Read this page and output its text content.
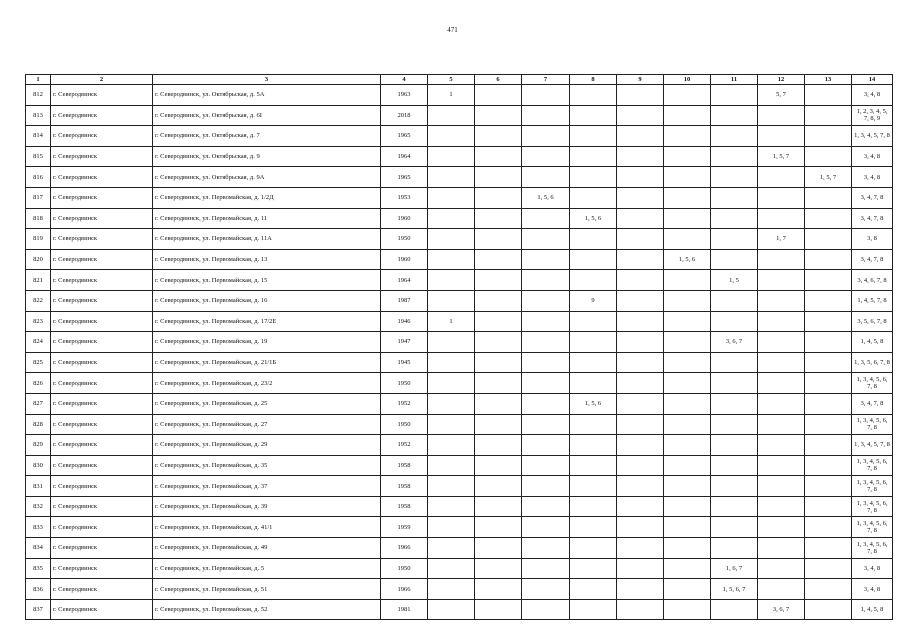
471
1	2	3	4	5	6	7	8	9	10	11	12	13	14
812	г. Северодвинск	г. Северодвинск, ул. Октябрьская, д. 5А	1963	1							5, 7		3, 4, 8
813	г. Северодвинск	г. Северодвинск, ул. Октябрьская, д. 6І	2018										1, 2, 3, 4, 5, 7, 8, 9
814	г. Северодвинск	г. Северодвинск, ул. Октябрьская, д. 7	1965										1, 3, 4, 5, 7, 8
815	г. Северодвинск	г. Северодвинск, ул. Октябрьская, д. 9	1964								1, 5, 7		3, 4, 8
816	г. Северодвинск	г. Северодвинск, ул. Октябрьская, д. 9А	1965									1, 5, 7	3, 4, 8
817	г. Северодвинск	г. Северодвинск, ул. Первомайская, д. 1/2Д	1953			1, 5, 6							3, 4, 7, 8
818	г. Северодвинск	г. Северодвинск, ул. Первомайская, д. 11	1960				1, 5, 6						3, 4, 7, 8
819	г. Северодвинск	г. Северодвинск, ул. Первомайская, д. 11А	1950								1, 7		3, 8
820	г. Северодвинск	г. Северодвинск, ул. Первомайская, д. 13	1960						1, 5, 6				3, 4, 7, 8
821	г. Северодвинск	г. Северодвинск, ул. Первомайская, д. 15	1964							1, 5			3, 4, 6, 7, 8
822	г. Северодвинск	г. Северодвинск, ул. Первомайская, д. 16	1987				9						1, 4, 5, 7, 8
823	г. Северодвинск	г. Северодвинск, ул. Первомайская, д. 17/2Е	1946	1									3, 5, 6, 7, 8
824	г. Северодвинск	г. Северодвинск, ул. Первомайская, д. 19	1947							3, 6, 7			1, 4, 5, 8
825	г. Северодвинск	г. Северодвинск, ул. Первомайская, д. 21/1Б	1945										1, 3, 5, 6, 7, 8
826	г. Северодвинск	г. Северодвинск, ул. Первомайская, д. 23/2	1950										1, 3, 4, 5, 6, 7, 8
827	г. Северодвинск	г. Северодвинск, ул. Первомайская, д. 25	1952				1, 5, 6						3, 4, 7, 8
828	г. Северодвинск	г. Северодвинск, ул. Первомайская, д. 27	1950										1, 3, 4, 5, 6, 7, 8
829	г. Северодвинск	г. Северодвинск, ул. Первомайская, д. 29	1952										1, 3, 4, 5, 7, 8
830	г. Северодвинск	г. Северодвинск, ул. Первомайская, д. 35	1958										1, 3, 4, 5, 6, 7, 8
831	г. Северодвинск	г. Северодвинск, ул. Первомайская, д. 37	1958										1, 3, 4, 5, 6, 7, 8
832	г. Северодвинск	г. Северодвинск, ул. Первомайская, д. 39	1958										1, 3, 4, 5, 6, 7, 8
833	г. Северодвинск	г. Северодвинск, ул. Первомайская, д. 41/1	1959										1, 3, 4, 5, 6, 7, 8
834	г. Северодвинск	г. Северодвинск, ул. Первомайская, д. 49	1966										1, 3, 4, 5, 6, 7, 8
835	г. Северодвинск	г. Северодвинск, ул. Первомайская, д. 5	1950							1, 6, 7			3, 4, 8
836	г. Северодвинск	г. Северодвинск, ул. Первомайская, д. 51	1966							1, 5, 6, 7			3, 4, 8
837	г. Северодвинск	г. Северодвинск, ул. Первомайская, д. 52	1981								3, 6, 7		1, 4, 5, 8
